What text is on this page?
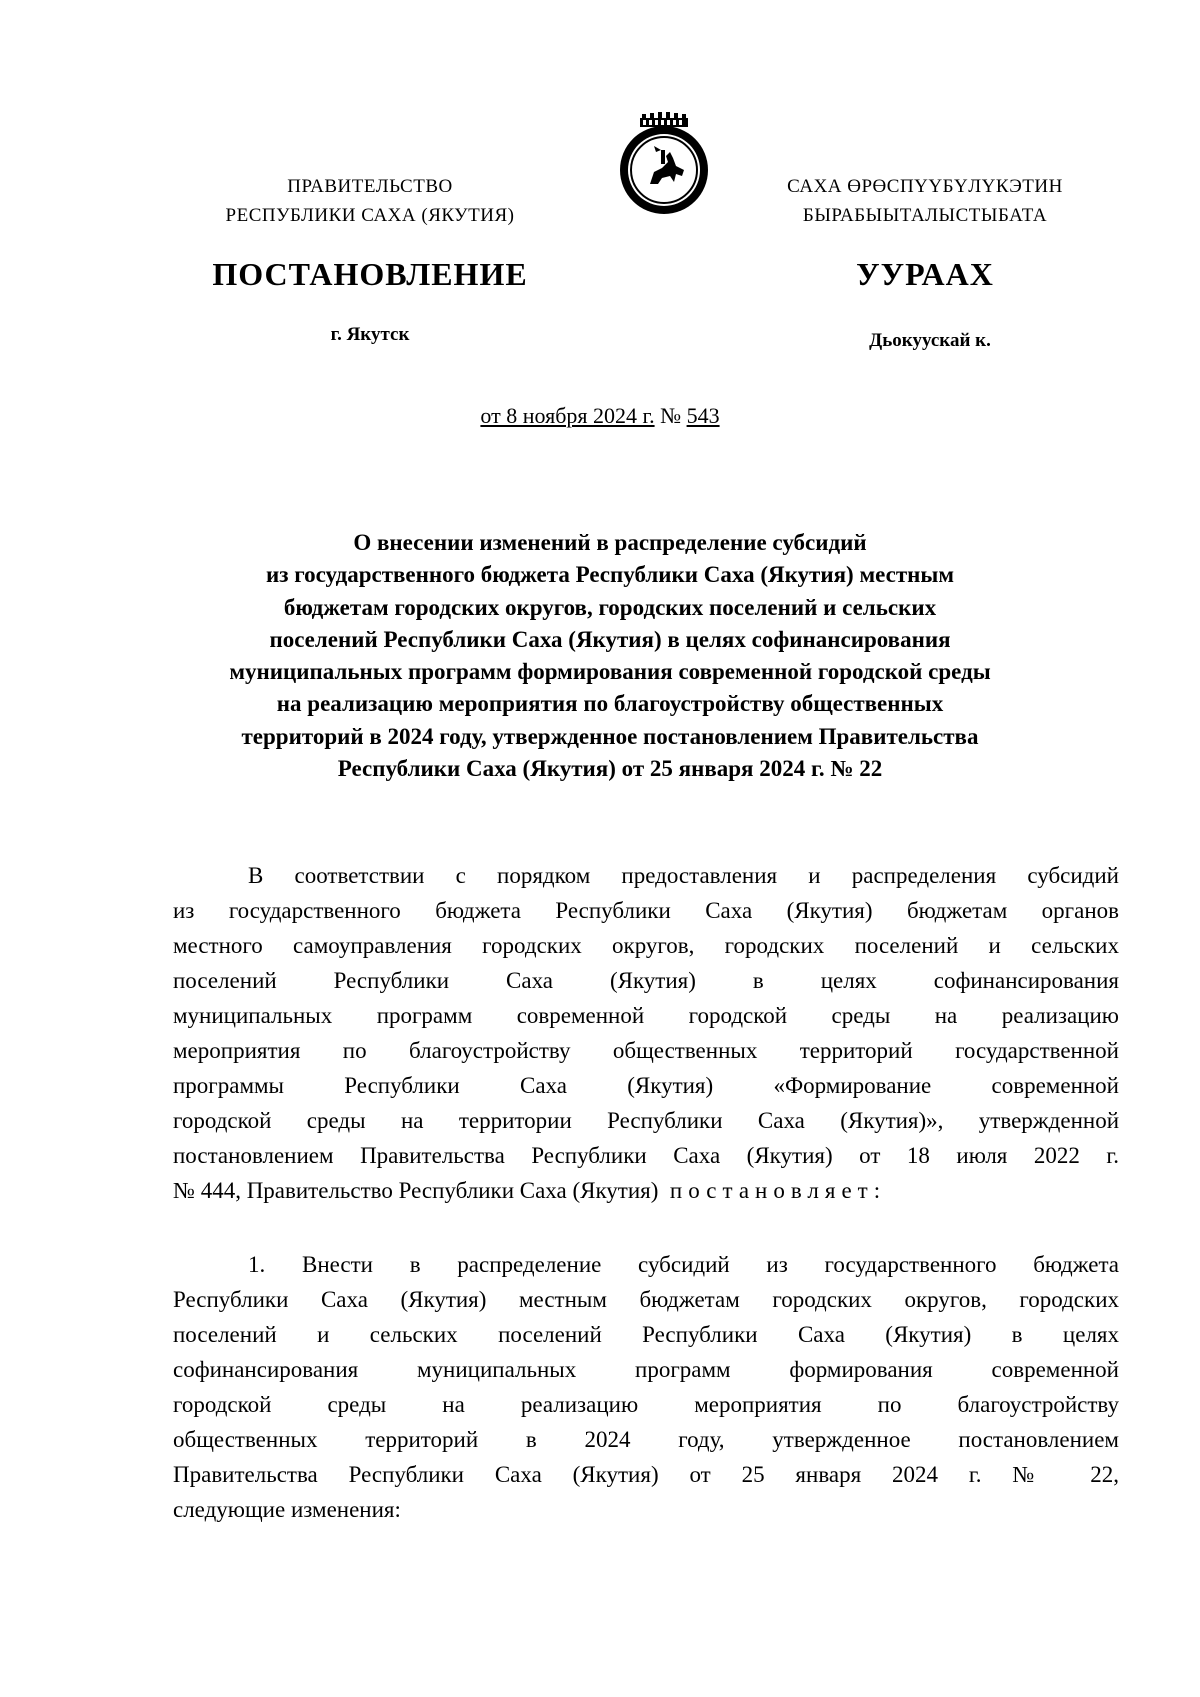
ПРАВИТЕЛЬСТВО
РЕСПУБЛИКИ САХА (ЯКУТИЯ)
САХА ӨРӨСПҮҮБҮЛҮКЭТИН
БЫРАБЫЫТАЛЫСТЫБАТА
ПОСТАНОВЛЕНИЕ	УУРААХ
г. Якутск	Дьокуускай к.
от 8 ноября 2024 г. № 543
О внесении изменений в распределение субсидий
из государственного бюджета Республики Саха (Якутия) местным
бюджетам городских округов, городских поселений и сельских
поселений Республики Саха (Якутия) в целях софинансирования
муниципальных программ формирования современной городской среды
на реализацию мероприятия по благоустройству общественных
территорий в 2024 году, утвержденное постановлением Правительства
Республики Саха (Якутия) от 25 января 2024 г. № 22
В соответствии с порядком предоставления и распределения субсидий
из государственного бюджета Республики Саха (Якутия) бюджетам органов
местного самоуправления городских округов, городских поселений и сельских
поселений Республики Саха (Якутия) в целях софинансирования
муниципальных программ современной городской среды на реализацию
мероприятия по благоустройству общественных территорий государственной
программы Республики Саха (Якутия) «Формирование современной
городской среды на территории Республики Саха (Якутия)», утвержденной
постановлением Правительства Республики Саха (Якутия) от 18 июля 2022 г.
№ 444, Правительство Республики Саха (Якутия) постановляет:
1. Внести в распределение субсидий из государственного бюджета
Республики Саха (Якутия) местным бюджетам городских округов, городских
поселений и сельских поселений Республики Саха (Якутия) в целях
софинансирования муниципальных программ формирования современной
городской среды на реализацию мероприятия по благоустройству
общественных территорий в 2024 году, утвержденное постановлением
Правительства Республики Саха (Якутия) от 25 января 2024 г. № 22,
следующие изменения:
